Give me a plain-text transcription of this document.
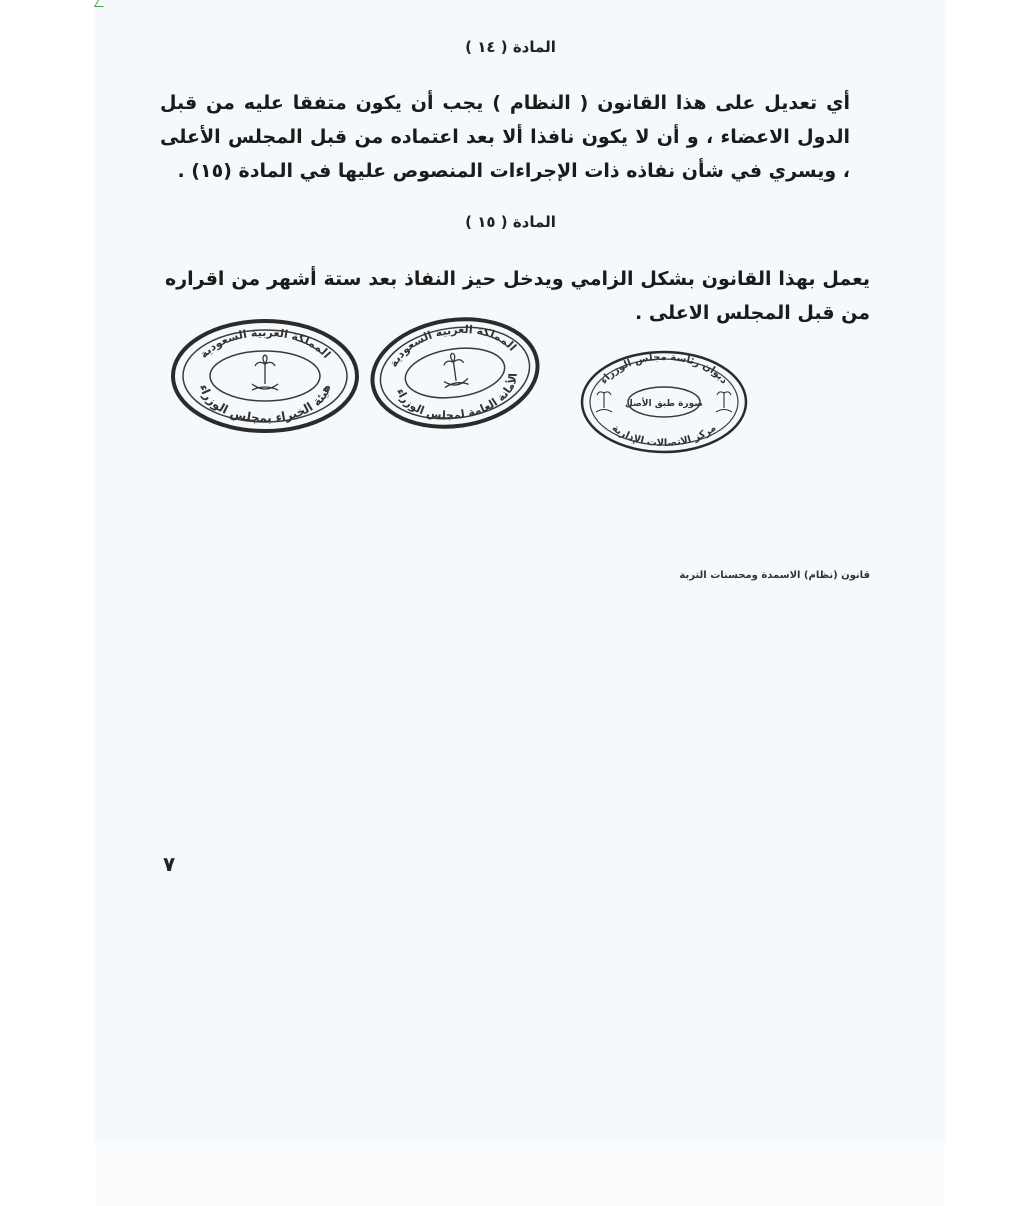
المادة ( ١٤ )
أي تعديل على هذا القانون ( النظام ) يجب أن يكون متفقا عليه من قبل الدول الاعضاء ، و أن لا يكون نافذا ألا بعد اعتماده من قبل المجلس الأعلى ، ويسري في شأن نفاذه ذات الإجراءات المنصوص عليها في المادة (١٥) .
المادة ( ١٥ )
يعمل بهذا القانون بشكل الزامي ويدخل حيز النفاذ بعد ستة أشهر من اقراره من قبل المجلس الاعلى .
المملكة العربية السعودية
هيئة الخبراء بمجلس الوزراء
المملكة العربية السعودية
الأمانة العامة لمجلس الوزراء
ديوان رئاسة مجلس الوزراء
صورة طبق الأصل
مركز الاتصالات الإدارية
قانون (نظام) الاسمدة ومحسنات التربة
٧
